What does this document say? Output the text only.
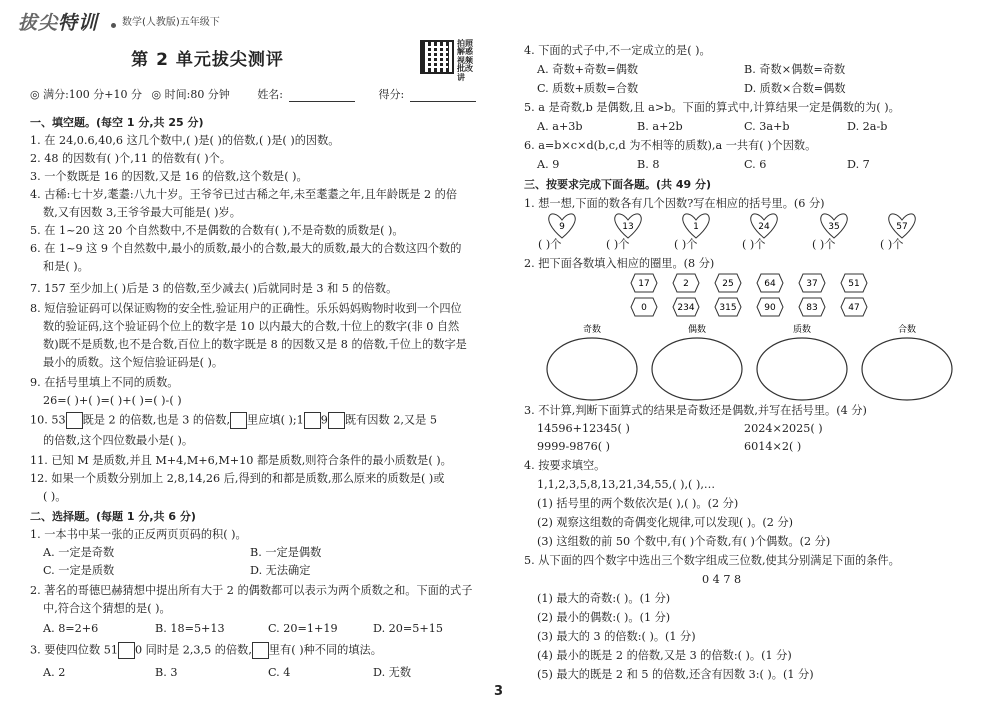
拔尖特训 数学(人教版)五年级下
第 2 单元拔尖测评
拍照解惑视频批改讲
◎ 满分:100 分+10 分 ◎ 时间:80 分钟	姓名:	得分:
一、填空题。(每空 1 分,共 25 分)
1. 在 24,0.6,40,6 这几个数中,( )是( )的倍数,( )是( )的因数。
2. 48 的因数有( )个,11 的倍数有( )个。
3. 一个数既是 16 的因数,又是 16 的倍数,这个数是( )。
4. 古稀:七十岁,耄耋:八九十岁。王爷爷已过古稀之年,未至耄耋之年,且年龄既是 2 的倍
数,又有因数 3,王爷爷最大可能是( )岁。
5. 在 1~20 这 20 个自然数中,不是偶数的合数有( ),不是奇数的质数是( )。
6. 在 1~9 这 9 个自然数中,最小的质数,最小的合数,最大的质数,最大的合数这四个数的
和是( )。
7. 157 至少加上( )后是 3 的倍数,至少减去( )后就同时是 3 和 5 的倍数。
8. 短信验证码可以保证购物的安全性,验证用户的正确性。乐乐妈妈购物时收到一个四位
数的验证码,这个验证码个位上的数字是 10 以内最大的合数,十位上的数字(非 0 自然
数)既不是质数,也不是合数,百位上的数字既是 8 的因数又是 8 的倍数,千位上的数字是
最小的质数。这个短信验证码是( )。
9. 在括号里填上不同的质数。
26=( )+( )=( )+( )=( )-( )
10. 53 既是 2 的倍数,也是 3 的倍数, 里应填( );1 9 既有因数 2,又是 5
的倍数,这个四位数最小是( )。
11. 已知 M 是质数,并且 M+4,M+6,M+10 都是质数,则符合条件的最小质数是( )。
12. 如果一个质数分别加上 2,8,14,26 后,得到的和都是质数,那么原来的质数是( )或
( )。
二、选择题。(每题 1 分,共 6 分)
1. 一本书中某一张的正反两页页码的积( )。
A. 一定是奇数	B. 一定是偶数
C. 一定是质数	D. 无法确定
2. 著名的哥德巴赫猜想中提出所有大于 2 的偶数都可以表示为两个质数之和。下面的式子
中,符合这个猜想的是( )。
A. 8=2+6	B. 18=5+13	C. 20=1+19	D. 20=5+15
3. 要使四位数 51 0 同时是 2,3,5 的倍数, 里有( )种不同的填法。
A. 2	B. 3	C. 4	D. 无数
4. 下面的式子中,不一定成立的是( )。
A. 奇数+奇数=偶数	B. 奇数×偶数=奇数
C. 质数+质数=合数	D. 质数×合数=偶数
5. a 是奇数,b 是偶数,且 a>b。下面的算式中,计算结果一定是偶数的为( )。
A. a+3b	B. a+2b	C. 3a+b	D. 2a-b
6. a=b×c×d(b,c,d 为不相等的质数),a 一共有( )个因数。
A. 9	B. 8	C. 6	D. 7
三、按要求完成下面各题。(共 49 分)
1. 想一想,下面的数各有几个因数?写在相应的括号里。(6 分)
9	13	1	24	35	57
( )个	( )个	( )个	( )个	( )个	( )个
2. 把下面各数填入相应的圈里。(8 分)
17	2	25	64	37	51
0	234	315	90	83	47
奇数	偶数	质数	合数
3. 不计算,判断下面算式的结果是奇数还是偶数,并写在括号里。(4 分)
14596+12345( )	2024×2025( )
9999-9876( )	6014×2( )
4. 按要求填空。
1,1,2,3,5,8,13,21,34,55,( ),( ),…
(1) 括号里的两个数依次是( ),( )。(2 分)
(2) 观察这组数的奇偶变化规律,可以发现( )。(2 分)
(3) 这组数的前 50 个数中,有( )个奇数,有( )个偶数。(2 分)
5. 从下面的四个数字中选出三个数字组成三位数,使其分别满足下面的条件。
0 4 7 8
(1) 最大的奇数:( )。(1 分)
(2) 最小的偶数:( )。(1 分)
(3) 最大的 3 的倍数:( )。(1 分)
(4) 最小的既是 2 的倍数,又是 3 的倍数:( )。(1 分)
(5) 最大的既是 2 和 5 的倍数,还含有因数 3:( )。(1 分)
3
